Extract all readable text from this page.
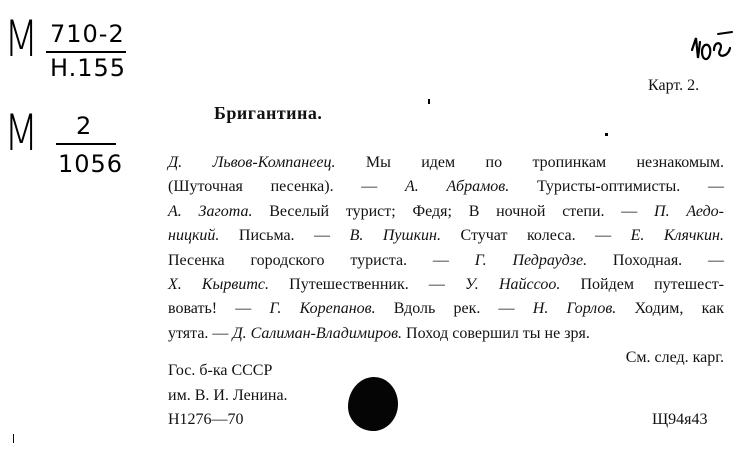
M 710-2
H.155
M 2
1056
Карт. 2.
Бригантина.
Д. Львов-Компанеец. Мы идем по тропинкам незнакомым.
(Шуточная песенка). — А. Абрамов. Туристы-оптимисты. —
А. Загота. Веселый турист; Федя; В ночной степи. — П. Аедо-
ницкий. Письма. — В. Пушкин. Стучат колеса. — Е. Клячкин.
Песенка городского туриста. — Г. Педраудзе. Походная. —
Х. Кырвитс. Путешественник. — У. Найссоо. Пойдем путешест-
вовать! — Г. Корепанов. Вдоль рек. — Н. Горлов. Ходим, как
утята. — Д. Салиман-Владимиров. Поход совершил ты не зря.
См. след. карг.
Гос. б-ка СССР
им. В. И. Ленина.
Н1276—70	Щ94я43
